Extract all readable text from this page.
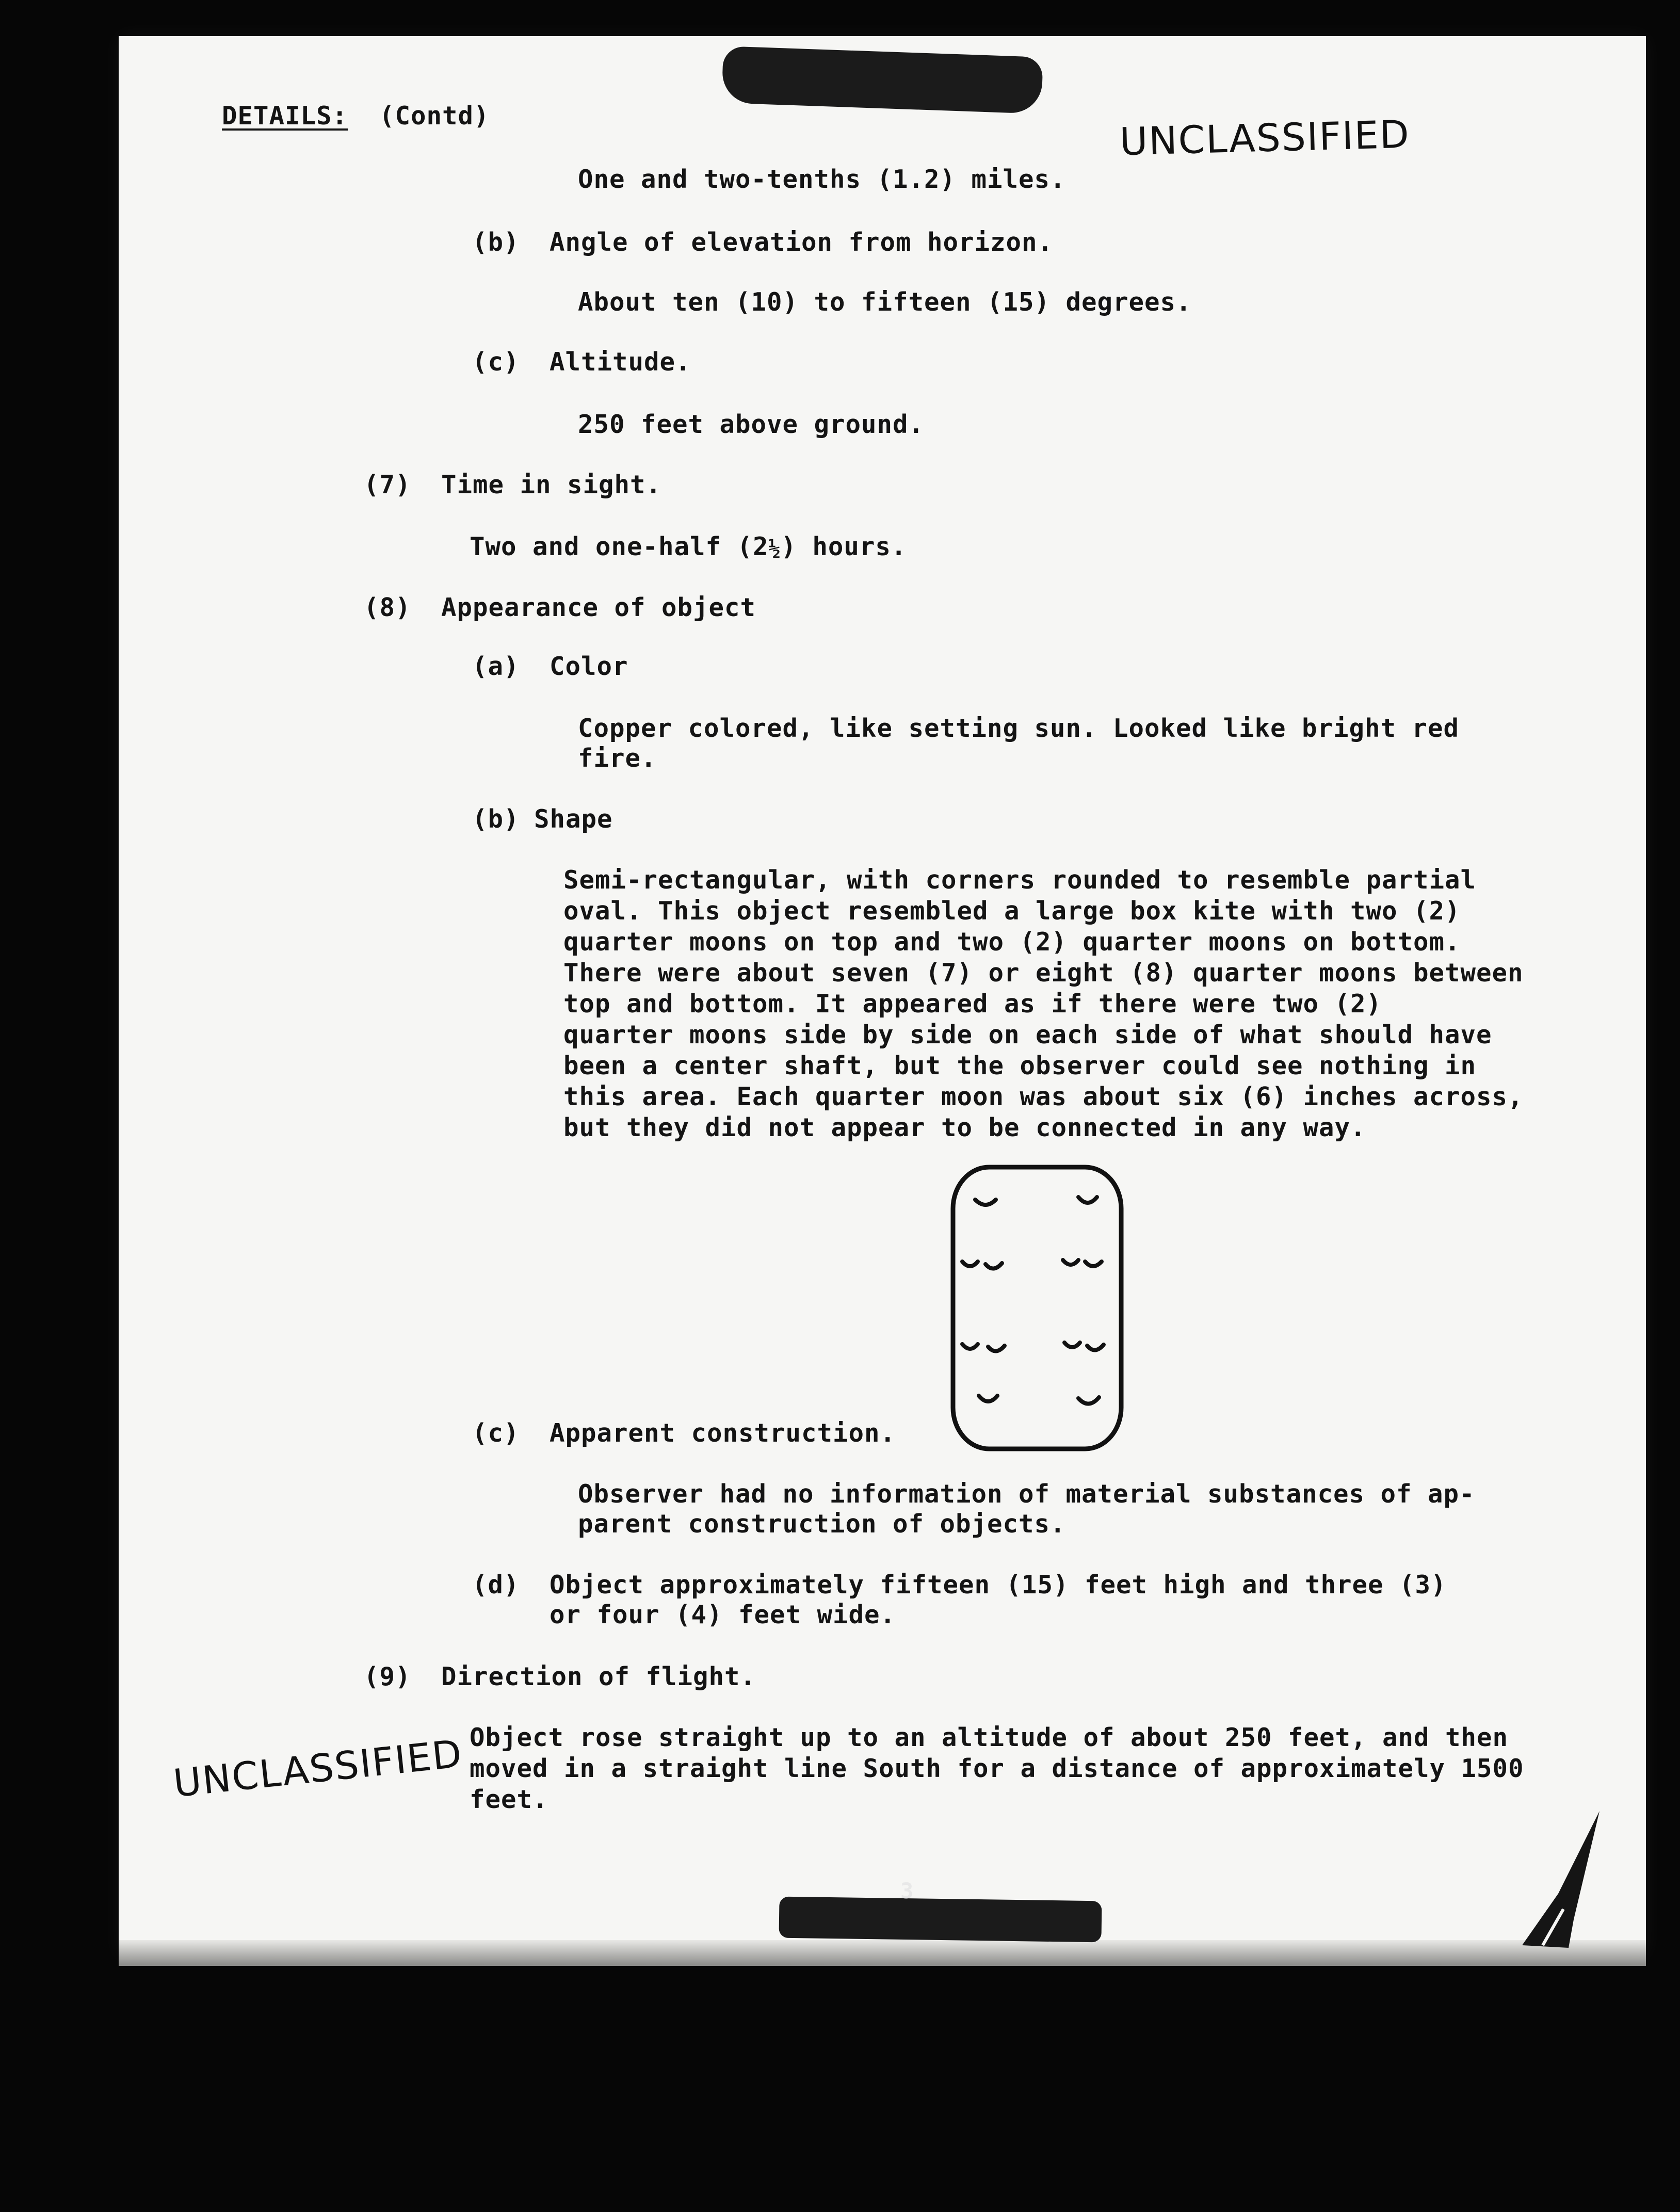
3
DETAILS: (Contd)	UNCLASSIFIED
One and two-tenths (1.2) miles.
(b) Angle of elevation from horizon.
About ten (10) to fifteen (15) degrees.
(c) Altitude.
250 feet above ground.
(7) Time in sight.
Two and one-half (2½) hours.
(8) Appearance of object
(a) Color
Copper colored, like setting sun. Looked like bright red
fire.
(b) Shape
Semi-rectangular, with corners rounded to resemble partial
oval. This object resembled a large box kite with two (2)
quarter moons on top and two (2) quarter moons on bottom.
There were about seven (7) or eight (8) quarter moons between
top and bottom. It appeared as if there were two (2)
quarter moons side by side on each side of what should have
been a center shaft, but the observer could see nothing in
this area. Each quarter moon was about six (6) inches across,
but they did not appear to be connected in any way.
(c) Apparent construction.
Observer had no information of material substances of ap-
parent construction of objects.
(d) Object approximately fifteen (15) feet high and three (3)
or four (4) feet wide.
(9) Direction of flight.
Object rose straight up to an altitude of about 250 feet, and then
moved in a straight line South for a distance of approximately 1500
feet.
UNCLASSIFIED
